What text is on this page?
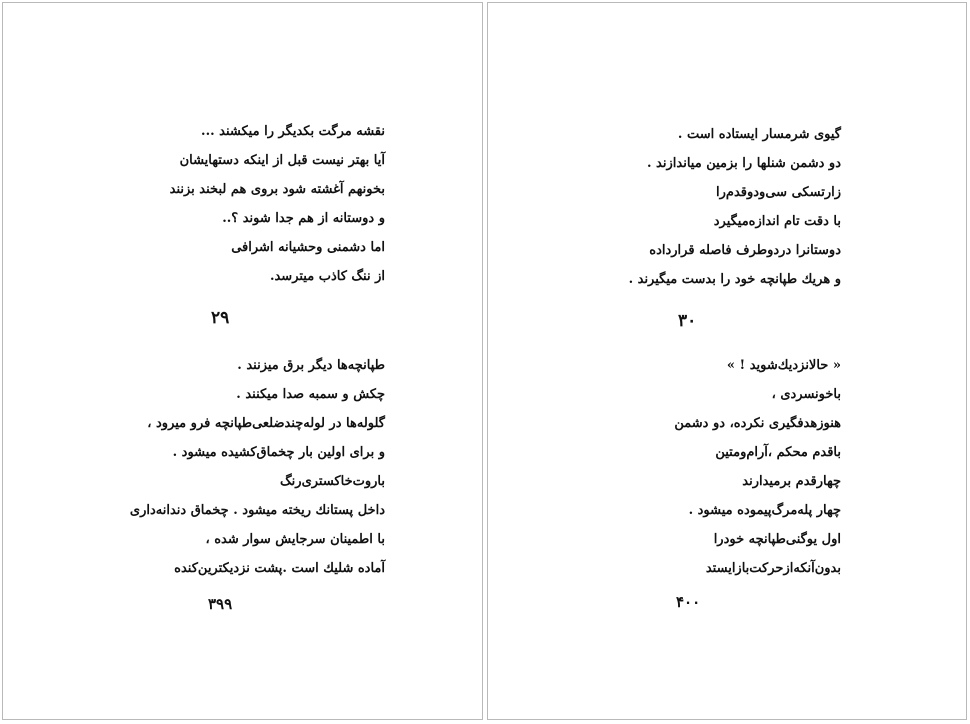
نقشه مرگت بکدیگر را میکشند ...
آیا بهتر نیست قبل از اینکه دستهایشان
بخونهم آغشته شود بروی هم لبخند بزنند
و دوستانه از هم جدا شوند ؟..
اما دشمنی وحشیانه اشرافی
از ننگ کاذب میترسد.
۲۹
طپانچه‌ها دیگر برق میزنند .
چکش و سمبه صدا میکنند .
گلوله‌ها در لوله‌چندضلعی‌طپانچه فرو میرود ،
و برای اولین بار چخماق‌کشیده میشود .
باروت‌خاکستری‌رنگ
داخل پستانك ریخته میشود . چخماق دندانه‌داری
با اطمینان سرجایش سوار شده ،
آماده شلیك است .پشت نزدیکترین‌کنده
۳۹۹
گیوی شرمسار ایستاده است .
دو دشمن شنلها را بزمین میاندازند .
زارتسکی سی‌ودوقدم‌را
با دقت تام اندازه‌میگیرد
دوستانرا دردوطرف فاصله قرارداده
و هریك طپانچه خود را بدست میگیرند .
۳۰
« حالانزدیك‌شوید ! »
باخونسردی ،
هنوزهدفگیری نکرده، دو دشمن
باقدم محکم ،آرام‌ومتین
چهارقدم برمیدارند
چهار پله‌مرگ‌پیموده میشود .
اول یوگنی‌طپانچه خودرا
بدون‌آنکه‌ازحرکت‌بازایستد
۴۰۰
